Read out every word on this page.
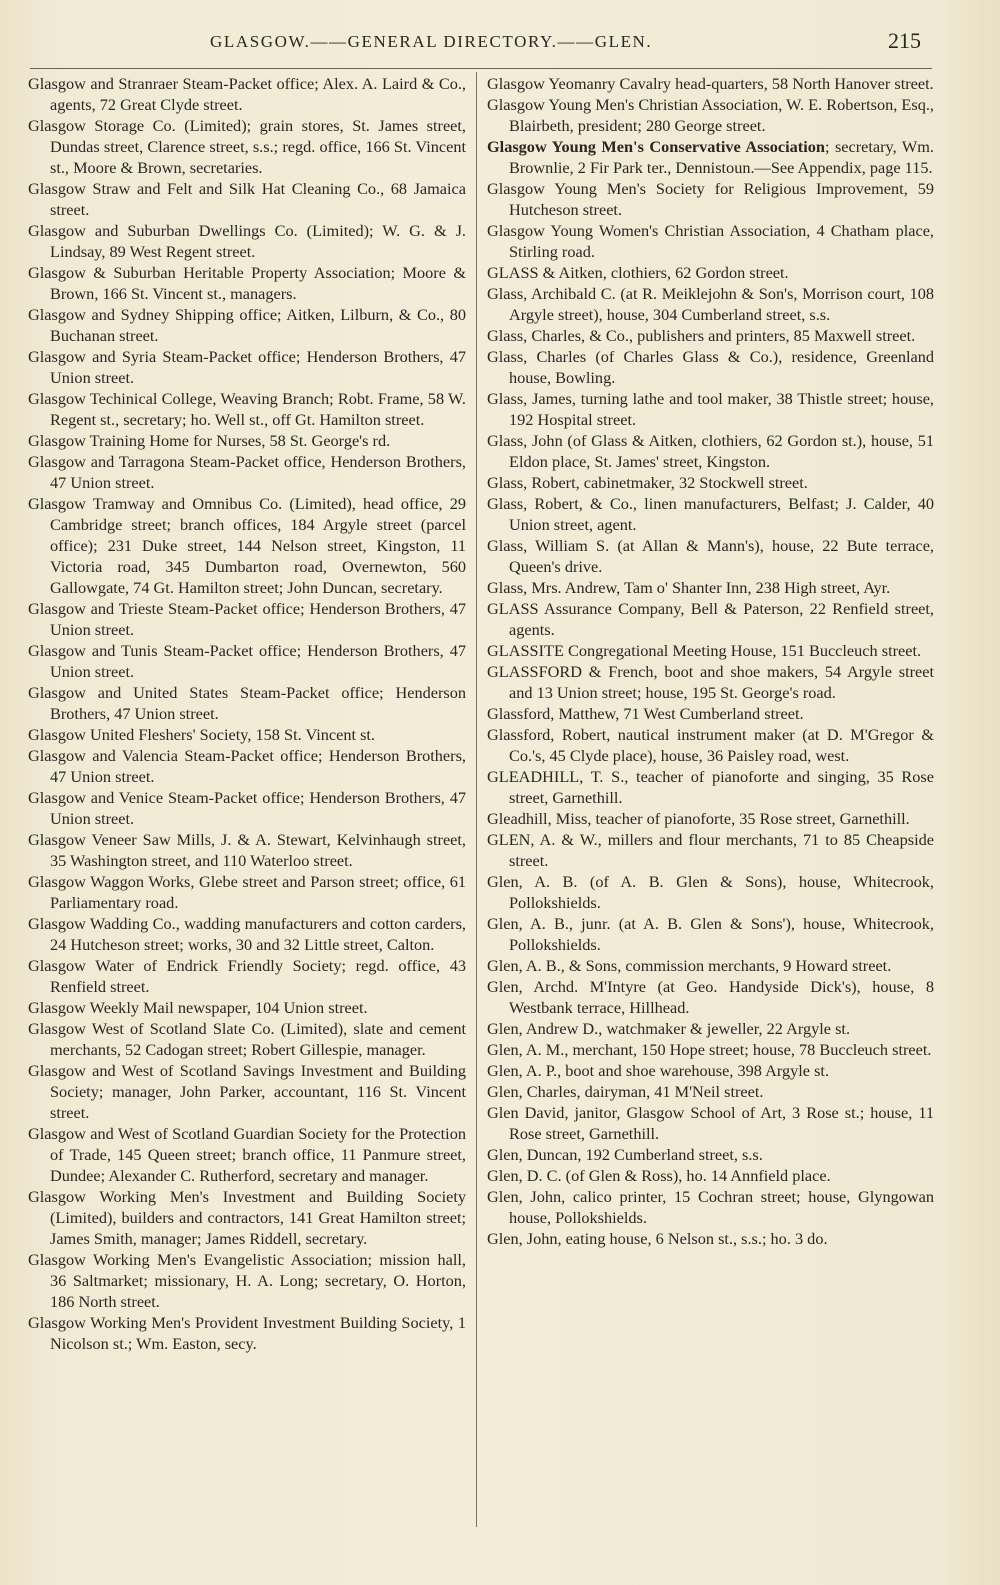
GLASGOW.——GENERAL DIRECTORY.——GLEN.	215
Glasgow and Stranraer Steam-Packet office; Alex. A. Laird & Co., agents, 72 Great Clyde street.
Glasgow Storage Co. (Limited); grain stores, St. James street, Dundas street, Clarence street, s.s.; regd. office, 166 St. Vincent st., Moore & Brown, secretaries.
Glasgow Straw and Felt and Silk Hat Cleaning Co., 68 Jamaica street.
Glasgow and Suburban Dwellings Co. (Limited); W. G. & J. Lindsay, 89 West Regent street.
Glasgow & Suburban Heritable Property Association; Moore & Brown, 166 St. Vincent st., managers.
Glasgow and Sydney Shipping office; Aitken, Lilburn, & Co., 80 Buchanan street.
Glasgow and Syria Steam-Packet office; Henderson Brothers, 47 Union street.
Glasgow Techinical College, Weaving Branch; Robt. Frame, 58 W. Regent st., secretary; ho. Well st., off Gt. Hamilton street.
Glasgow Training Home for Nurses, 58 St. George's rd.
Glasgow and Tarragona Steam-Packet office, Henderson Brothers, 47 Union street.
Glasgow Tramway and Omnibus Co. (Limited), head office, 29 Cambridge street; branch offices, 184 Argyle street (parcel office); 231 Duke street, 144 Nelson street, Kingston, 11 Victoria road, 345 Dumbarton road, Overnewton, 560 Gallowgate, 74 Gt. Hamilton street; John Duncan, secretary.
Glasgow and Trieste Steam-Packet office; Henderson Brothers, 47 Union street.
Glasgow and Tunis Steam-Packet office; Henderson Brothers, 47 Union street.
Glasgow and United States Steam-Packet office; Henderson Brothers, 47 Union street.
Glasgow United Fleshers' Society, 158 St. Vincent st.
Glasgow and Valencia Steam-Packet office; Henderson Brothers, 47 Union street.
Glasgow and Venice Steam-Packet office; Henderson Brothers, 47 Union street.
Glasgow Veneer Saw Mills, J. & A. Stewart, Kelvinhaugh street, 35 Washington street, and 110 Waterloo street.
Glasgow Waggon Works, Glebe street and Parson street; office, 61 Parliamentary road.
Glasgow Wadding Co., wadding manufacturers and cotton carders, 24 Hutcheson street; works, 30 and 32 Little street, Calton.
Glasgow Water of Endrick Friendly Society; regd. office, 43 Renfield street.
Glasgow Weekly Mail newspaper, 104 Union street.
Glasgow West of Scotland Slate Co. (Limited), slate and cement merchants, 52 Cadogan street; Robert Gillespie, manager.
Glasgow and West of Scotland Savings Investment and Building Society; manager, John Parker, accountant, 116 St. Vincent street.
Glasgow and West of Scotland Guardian Society for the Protection of Trade, 145 Queen street; branch office, 11 Panmure street, Dundee; Alexander C. Rutherford, secretary and manager.
Glasgow Working Men's Investment and Building Society (Limited), builders and contractors, 141 Great Hamilton street; James Smith, manager; James Riddell, secretary.
Glasgow Working Men's Evangelistic Association; mission hall, 36 Saltmarket; missionary, H. A. Long; secretary, O. Horton, 186 North street.
Glasgow Working Men's Provident Investment Building Society, 1 Nicolson st.; Wm. Easton, secy.
Glasgow Yeomanry Cavalry head-quarters, 58 North Hanover street.
Glasgow Young Men's Christian Association, W. E. Robertson, Esq., Blairbeth, president; 280 George street.
Glasgow Young Men's Conservative Association; secretary, Wm. Brownlie, 2 Fir Park ter., Dennistoun.—See Appendix, page 115.
Glasgow Young Men's Society for Religious Improvement, 59 Hutcheson street.
Glasgow Young Women's Christian Association, 4 Chatham place, Stirling road.
GLASS & Aitken, clothiers, 62 Gordon street.
Glass, Archibald C. (at R. Meiklejohn & Son's, Morrison court, 108 Argyle street), house, 304 Cumberland street, s.s.
Glass, Charles, & Co., publishers and printers, 85 Maxwell street.
Glass, Charles (of Charles Glass & Co.), residence, Greenland house, Bowling.
Glass, James, turning lathe and tool maker, 38 Thistle street; house, 192 Hospital street.
Glass, John (of Glass & Aitken, clothiers, 62 Gordon st.), house, 51 Eldon place, St. James' street, Kingston.
Glass, Robert, cabinetmaker, 32 Stockwell street.
Glass, Robert, & Co., linen manufacturers, Belfast; J. Calder, 40 Union street, agent.
Glass, William S. (at Allan & Mann's), house, 22 Bute terrace, Queen's drive.
Glass, Mrs. Andrew, Tam o' Shanter Inn, 238 High street, Ayr.
GLASS Assurance Company, Bell & Paterson, 22 Renfield street, agents.
GLASSITE Congregational Meeting House, 151 Buccleuch street.
GLASSFORD & French, boot and shoe makers, 54 Argyle street and 13 Union street; house, 195 St. George's road.
Glassford, Matthew, 71 West Cumberland street.
Glassford, Robert, nautical instrument maker (at D. M'Gregor & Co.'s, 45 Clyde place), house, 36 Paisley road, west.
GLEADHILL, T. S., teacher of pianoforte and singing, 35 Rose street, Garnethill.
Gleadhill, Miss, teacher of pianoforte, 35 Rose street, Garnethill.
GLEN, A. & W., millers and flour merchants, 71 to 85 Cheapside street.
Glen, A. B. (of A. B. Glen & Sons), house, Whitecrook, Pollokshields.
Glen, A. B., junr. (at A. B. Glen & Sons'), house, Whitecrook, Pollokshields.
Glen, A. B., & Sons, commission merchants, 9 Howard street.
Glen, Archd. M'Intyre (at Geo. Handyside Dick's), house, 8 Westbank terrace, Hillhead.
Glen, Andrew D., watchmaker & jeweller, 22 Argyle st.
Glen, A. M., merchant, 150 Hope street; house, 78 Buccleuch street.
Glen, A. P., boot and shoe warehouse, 398 Argyle st.
Glen, Charles, dairyman, 41 M'Neil street.
Glen David, janitor, Glasgow School of Art, 3 Rose st.; house, 11 Rose street, Garnethill.
Glen, Duncan, 192 Cumberland street, s.s.
Glen, D. C. (of Glen & Ross), ho. 14 Annfield place.
Glen, John, calico printer, 15 Cochran street; house, Glyngowan house, Pollokshields.
Glen, John, eating house, 6 Nelson st., s.s.; ho. 3 do.
